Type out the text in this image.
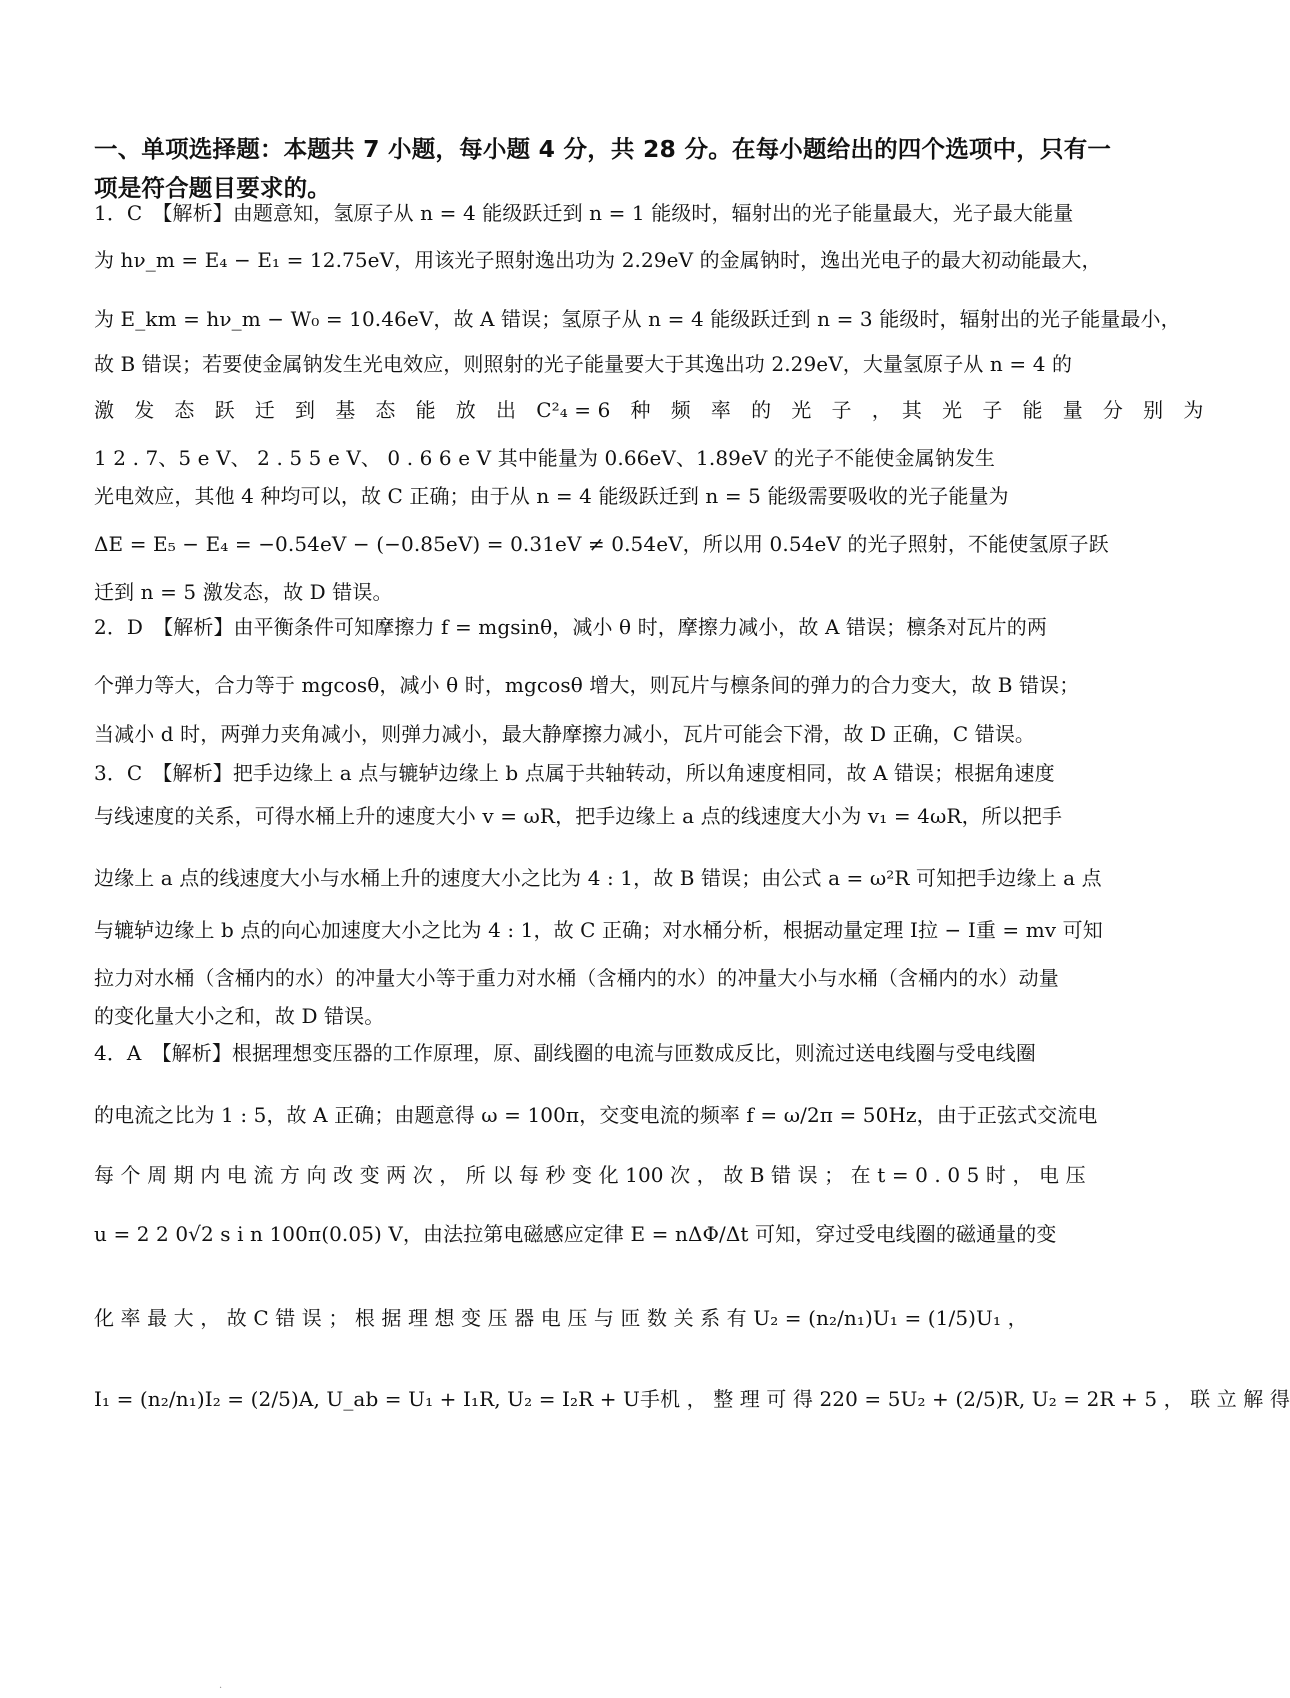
一、单项选择题：本题共 7 小题，每小题 4 分，共 28 分。在每小题给出的四个选项中，只有一项是符合题目要求的。
1．C　【解析】由题意知，氢原子从 n = 4 能级跃迁到 n = 1 能级时，辐射出的光子能量最大，光子最大能量
为 hν_m = E₄ − E₁ = 12.75eV，用该光子照射逸出功为 2.29eV 的金属钠时，逸出光电子的最大初动能最大，
为 E_km = hν_m − W₀ = 10.46eV，故 A 错误；氢原子从 n = 4 能级跃迁到 n = 3 能级时，辐射出的光子能量最小，
故 B 错误；若要使金属钠发生光电效应，则照射的光子能量要大于其逸出功 2.29eV，大量氢原子从 n = 4 的
激　发　态　跃　迁　到　基　态　能　放　出　C²₄ = 6　种　频　率　的　光　子　，　其　光　子　能　量　分　别　为
1 2 . 7、5 e V、 2 . 5 5 e V、 0 . 6 6 e V 其中能量为 0.66eV、1.89eV 的光子不能使金属钠发生
光电效应，其他 4 种均可以，故 C 正确；由于从 n = 4 能级跃迁到 n = 5 能级需要吸收的光子能量为
ΔE = E₅ − E₄ = −0.54eV − (−0.85eV) = 0.31eV ≠ 0.54eV，所以用 0.54eV 的光子照射，不能使氢原子跃
迁到 n = 5 激发态，故 D 错误。
2．D　【解析】由平衡条件可知摩擦力 f = mgsinθ，减小 θ 时，摩擦力减小，故 A 错误；檩条对瓦片的两
个弹力等大，合力等于 mgcosθ，减小 θ 时，mgcosθ 增大，则瓦片与檩条间的弹力的合力变大，故 B 错误；
当减小 d 时，两弹力夹角减小，则弹力减小，最大静摩擦力减小，瓦片可能会下滑，故 D 正确，C 错误。
3．C　【解析】把手边缘上 a 点与辘轳边缘上 b 点属于共轴转动，所以角速度相同，故 A 错误；根据角速度
与线速度的关系，可得水桶上升的速度大小 v = ωR，把手边缘上 a 点的线速度大小为 v₁ = 4ωR，所以把手
边缘上 a 点的线速度大小与水桶上升的速度大小之比为 4 : 1，故 B 错误；由公式 a = ω²R 可知把手边缘上 a 点
与辘轳边缘上 b 点的向心加速度大小之比为 4 : 1，故 C 正确；对水桶分析，根据动量定理 I拉 − I重 = mv 可知
拉力对水桶（含桶内的水）的冲量大小等于重力对水桶（含桶内的水）的冲量大小与水桶（含桶内的水）动量
的变化量大小之和，故 D 错误。
4．A　【解析】根据理想变压器的工作原理，原、副线圈的电流与匝数成反比，则流过送电线圈与受电线圈
的电流之比为 1 : 5，故 A 正确；由题意得 ω = 100π，交变电流的频率 f = ω/2π = 50Hz，由于正弦式交流电
每 个 周 期 内 电 流 方 向 改 变 两 次 ， 所 以 每 秒 变 化 100 次 ， 故 B 错 误 ； 在 t = 0 . 0 5 时 ， 电 压
u = 2 2 0√2 s i n 100π(0.05) V，由法拉第电磁感应定律 E = nΔΦ/Δt 可知，穿过受电线圈的磁通量的变
化 率 最 大 ， 故 C 错 误 ； 根 据 理 想 变 压 器 电 压 与 匝 数 关 系 有 U₂ = (n₂/n₁)U₁ = (1/5)U₁ ，
I₁ = (n₂/n₁)I₂ = (2/5)A, U_ab = U₁ + I₁R, U₂ = I₂R + U手机 ， 整 理 可 得 220 = 5U₂ + (2/5)R, U₂ = 2R + 5 ， 联 立 解 得
·
